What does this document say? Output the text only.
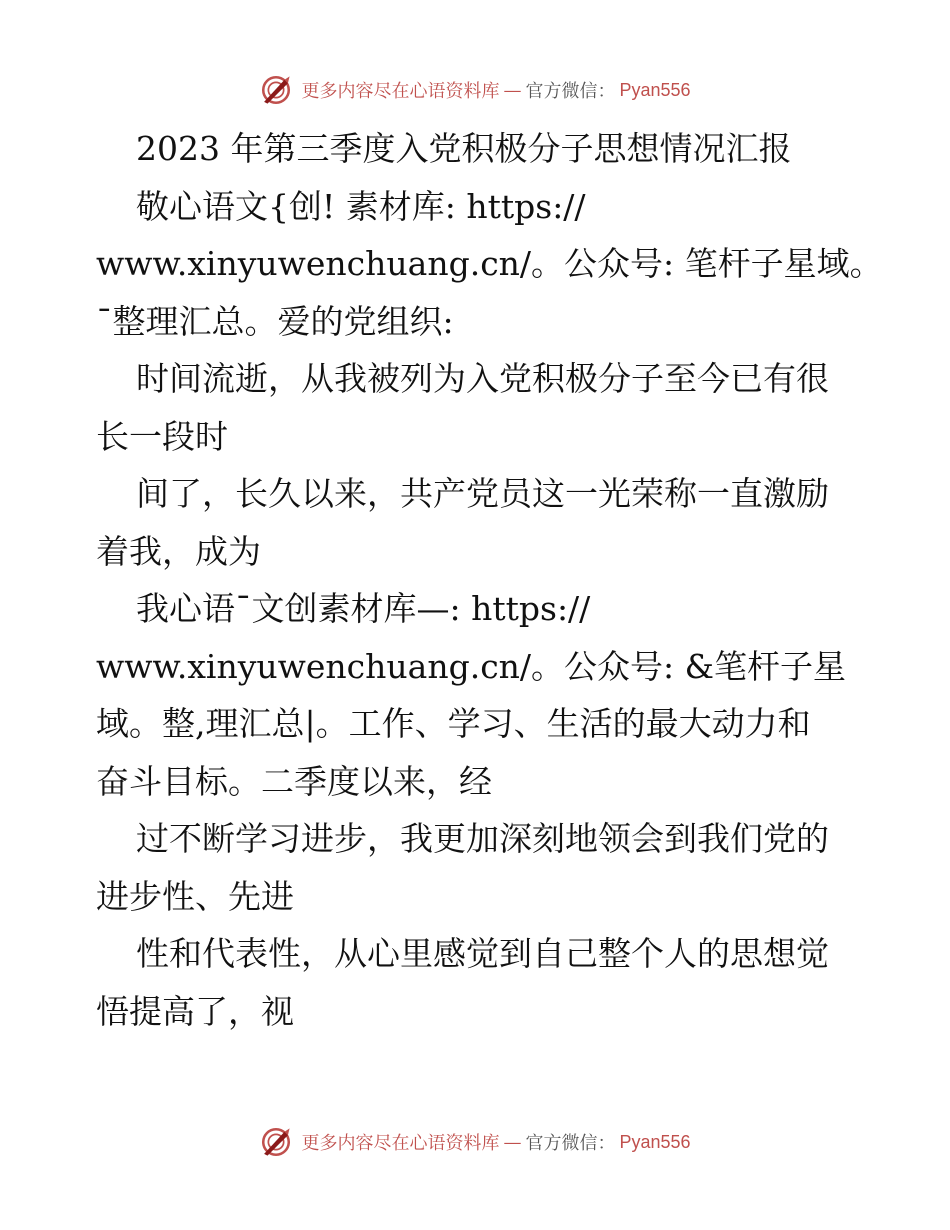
更多内容尽在心语资料库 — 官方微信： Pyan556
2023 年第三季度入党积极分子思想情况汇报
敬心语文{创! 素材库: https://
www.xinyuwenchuang.cn/。公众号: 笔杆子星域。
¯整理汇总。爱的党组织:
时间流逝，从我被列为入党积极分子至今已有很
长一段时
间了，长久以来，共产党员这一光荣称一直激励
着我，成为
我心语¯文创素材库—: https://
www.xinyuwenchuang.cn/。公众号: &笔杆子星
域。整,理汇总|。工作、学习、生活的最大动力和
奋斗目标。二季度以来，经
过不断学习进步，我更加深刻地领会到我们党的
进步性、先进
性和代表性，从心里感觉到自己整个人的思想觉
悟提高了，视
更多内容尽在心语资料库 — 官方微信： Pyan556
